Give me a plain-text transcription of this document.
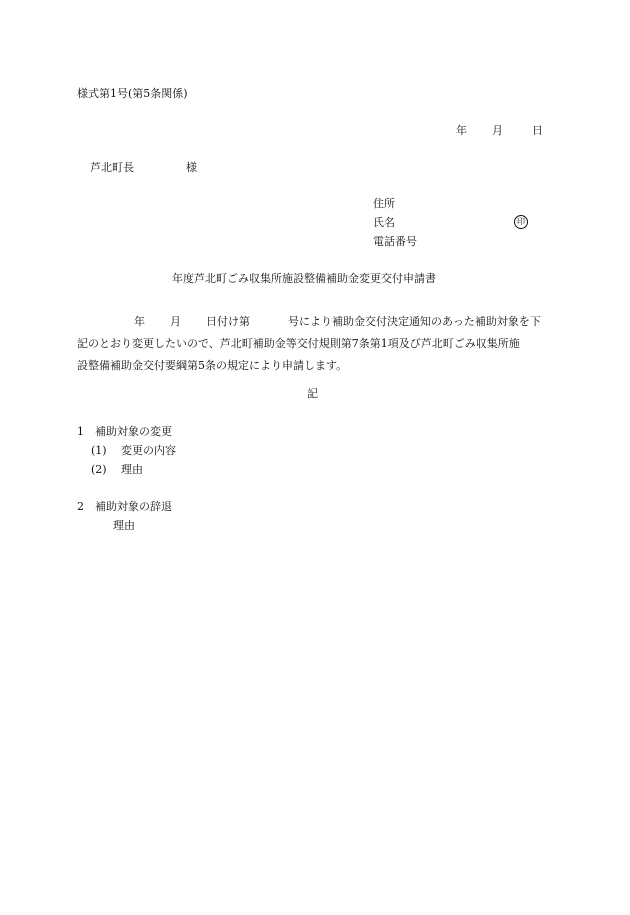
様式第1号(第5条関係)
年 月	日
芦北町長	様
住所
氏名	印
電話番号
年度芦北町ごみ収集所施設整備補助金変更交付申請書
年 月 日付け第	号により補助金交付決定通知のあった補助対象を下
記のとおり変更したいので、芦北町補助金等交付規則第7条第1項及び芦北町ごみ収集所施
設整備補助金交付要綱第5条の規定により申請します。
記
1 補助対象の変更
(1) 変更の内容
(2) 理由
2 補助対象の辞退
理由
